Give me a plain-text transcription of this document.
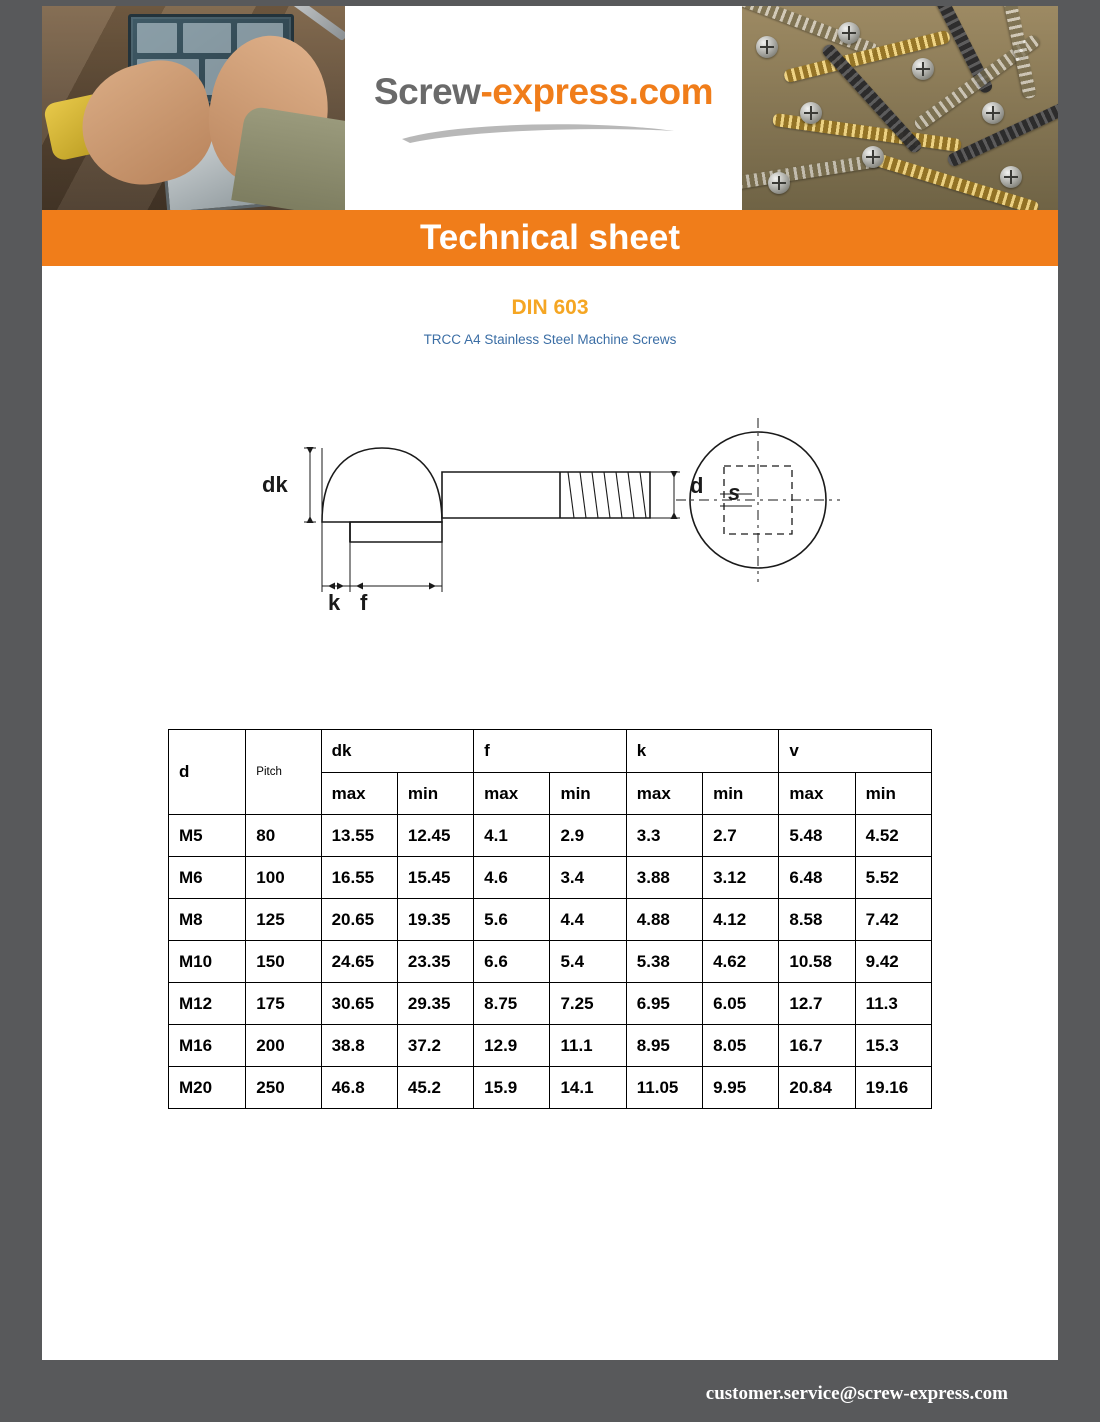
Screw-express.com
Technical sheet
DIN 603
TRCC A4 Stainless Steel Machine Screws
dk	d
k f
s
d	Pitch	dk		f		k		v	
		max	min	max	min	max	min	max	min
M5	80	13.55	12.45	4.1	2.9	3.3	2.7	5.48	4.52
M6	100	16.55	15.45	4.6	3.4	3.88	3.12	6.48	5.52
M8	125	20.65	19.35	5.6	4.4	4.88	4.12	8.58	7.42
M10	150	24.65	23.35	6.6	5.4	5.38	4.62	10.58	9.42
M12	175	30.65	29.35	8.75	7.25	6.95	6.05	12.7	11.3
M16	200	38.8	37.2	12.9	11.1	8.95	8.05	16.7	15.3
M20	250	46.8	45.2	15.9	14.1	11.05	9.95	20.84	19.16
customer.service@screw-express.com
